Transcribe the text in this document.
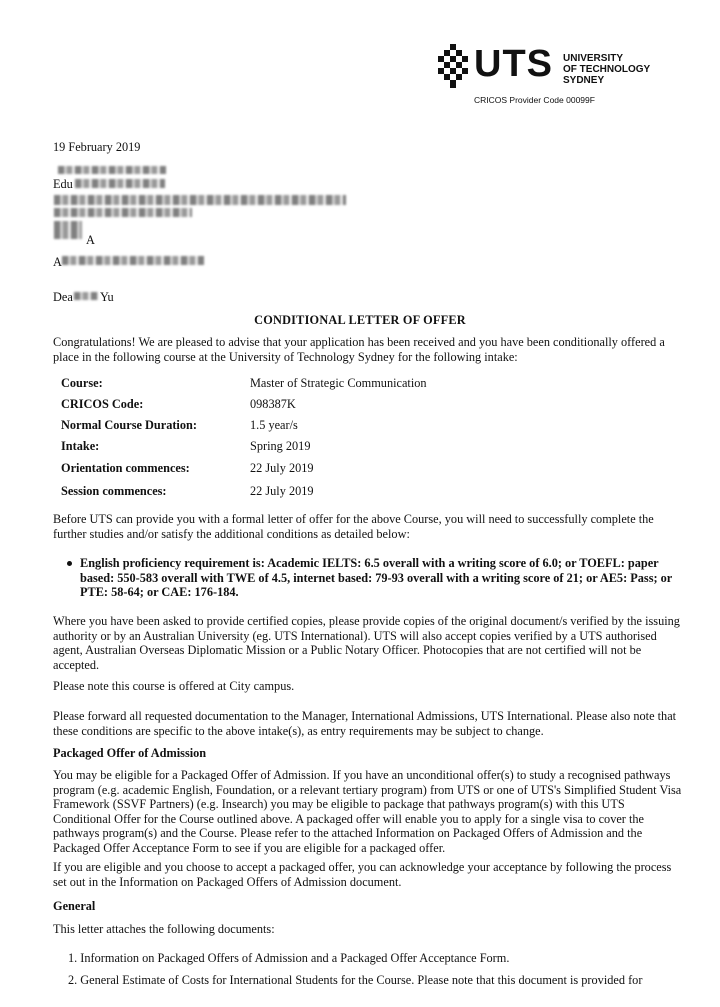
UTS UNIVERSITY
OF TECHNOLOGY
SYDNEY
CRICOS Provider Code 00099F
19 February 2019
Edu
A
A
Dea Yu
CONDITIONAL LETTER OF OFFER
Congratulations! We are pleased to advise that your application has been received and you have been conditionally offered a place in the following course at the University of Technology Sydney for the following intake:
Course:	Master of Strategic Communication
CRICOS Code:	098387K
Normal Course Duration:	1.5 year/s
Intake:	Spring 2019
Orientation commences:	22 July 2019
Session commences:	22 July 2019
Before UTS can provide you with a formal letter of offer for the above Course, you will need to successfully complete the further studies and/or satisfy the additional conditions as detailed below:
English proficiency requirement is: Academic IELTS: 6.5 overall with a writing score of 6.0; or TOEFL: paper based: 550-583 overall with TWE of 4.5, internet based: 79-93 overall with a writing score of 21; or AE5: Pass; or PTE: 58-64; or CAE: 176-184.
Where you have been asked to provide certified copies, please provide copies of the original document/s verified by the issuing authority or by an Australian University (eg. UTS International). UTS will also accept copies verified by a UTS authorised agent, Australian Overseas Diplomatic Mission or a Public Notary Officer. Photocopies that are not certified will not be accepted.
Please note this course is offered at City campus.
Please forward all requested documentation to the Manager, International Admissions, UTS International. Please also note that these conditions are specific to the above intake(s), as entry requirements may be subject to change.
Packaged Offer of Admission
You may be eligible for a Packaged Offer of Admission. If you have an unconditional offer(s) to study a recognised pathways program (e.g. academic English, Foundation, or a relevant tertiary program) from UTS or one of UTS's Simplified Student Visa Framework (SSVF Partners) (e.g. Insearch) you may be eligible to package that pathways program(s) with this UTS Conditional Offer for the Course outlined above. A packaged offer will enable you to apply for a single visa to cover the pathways program(s) and the Course. Please refer to the attached Information on Packaged Offers of Admission and the Packaged Offer Acceptance Form to see if you are eligible for a packaged offer.
If you are eligible and you choose to accept a packaged offer, you can acknowledge your acceptance by following the process set out in the Information on Packaged Offers of Admission document.
General
This letter attaches the following documents:
1. Information on Packaged Offers of Admission and a Packaged Offer Acceptance Form.
2. General Estimate of Costs for International Students for the Course. Please note that this document is provided for
